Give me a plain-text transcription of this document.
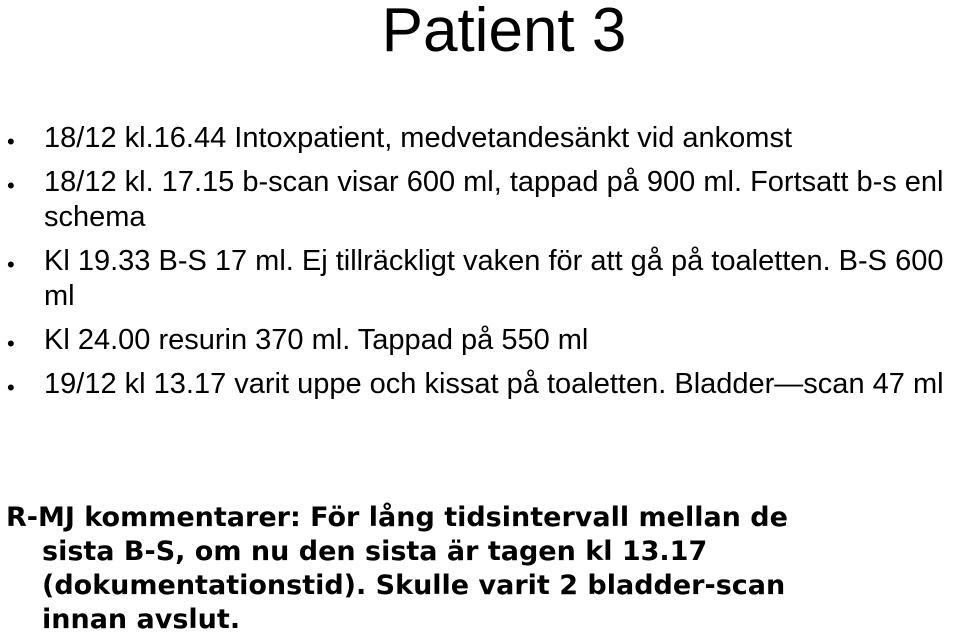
Patient 3
• 18/12 kl.16.44 Intoxpatient, medvetandesänkt vid ankomst
• 18/12 kl. 17.15 b-scan visar 600 ml, tappad på 900 ml. Fortsatt b-s enl schema
• Kl 19.33 B-S 17 ml. Ej tillräckligt vaken för att gå på toaletten. B-S 600 ml
• Kl 24.00 resurin 370 ml. Tappad på 550 ml
• 19/12 kl 13.17 varit uppe och kissat på toaletten. Bladder—scan 47 ml

R-MJ kommentarer: För lång tidsintervall mellan de
sista B-S, om nu den sista är tagen kl 13.17
(dokumentationstid). Skulle varit 2 bladder-scan
innan avslut.
